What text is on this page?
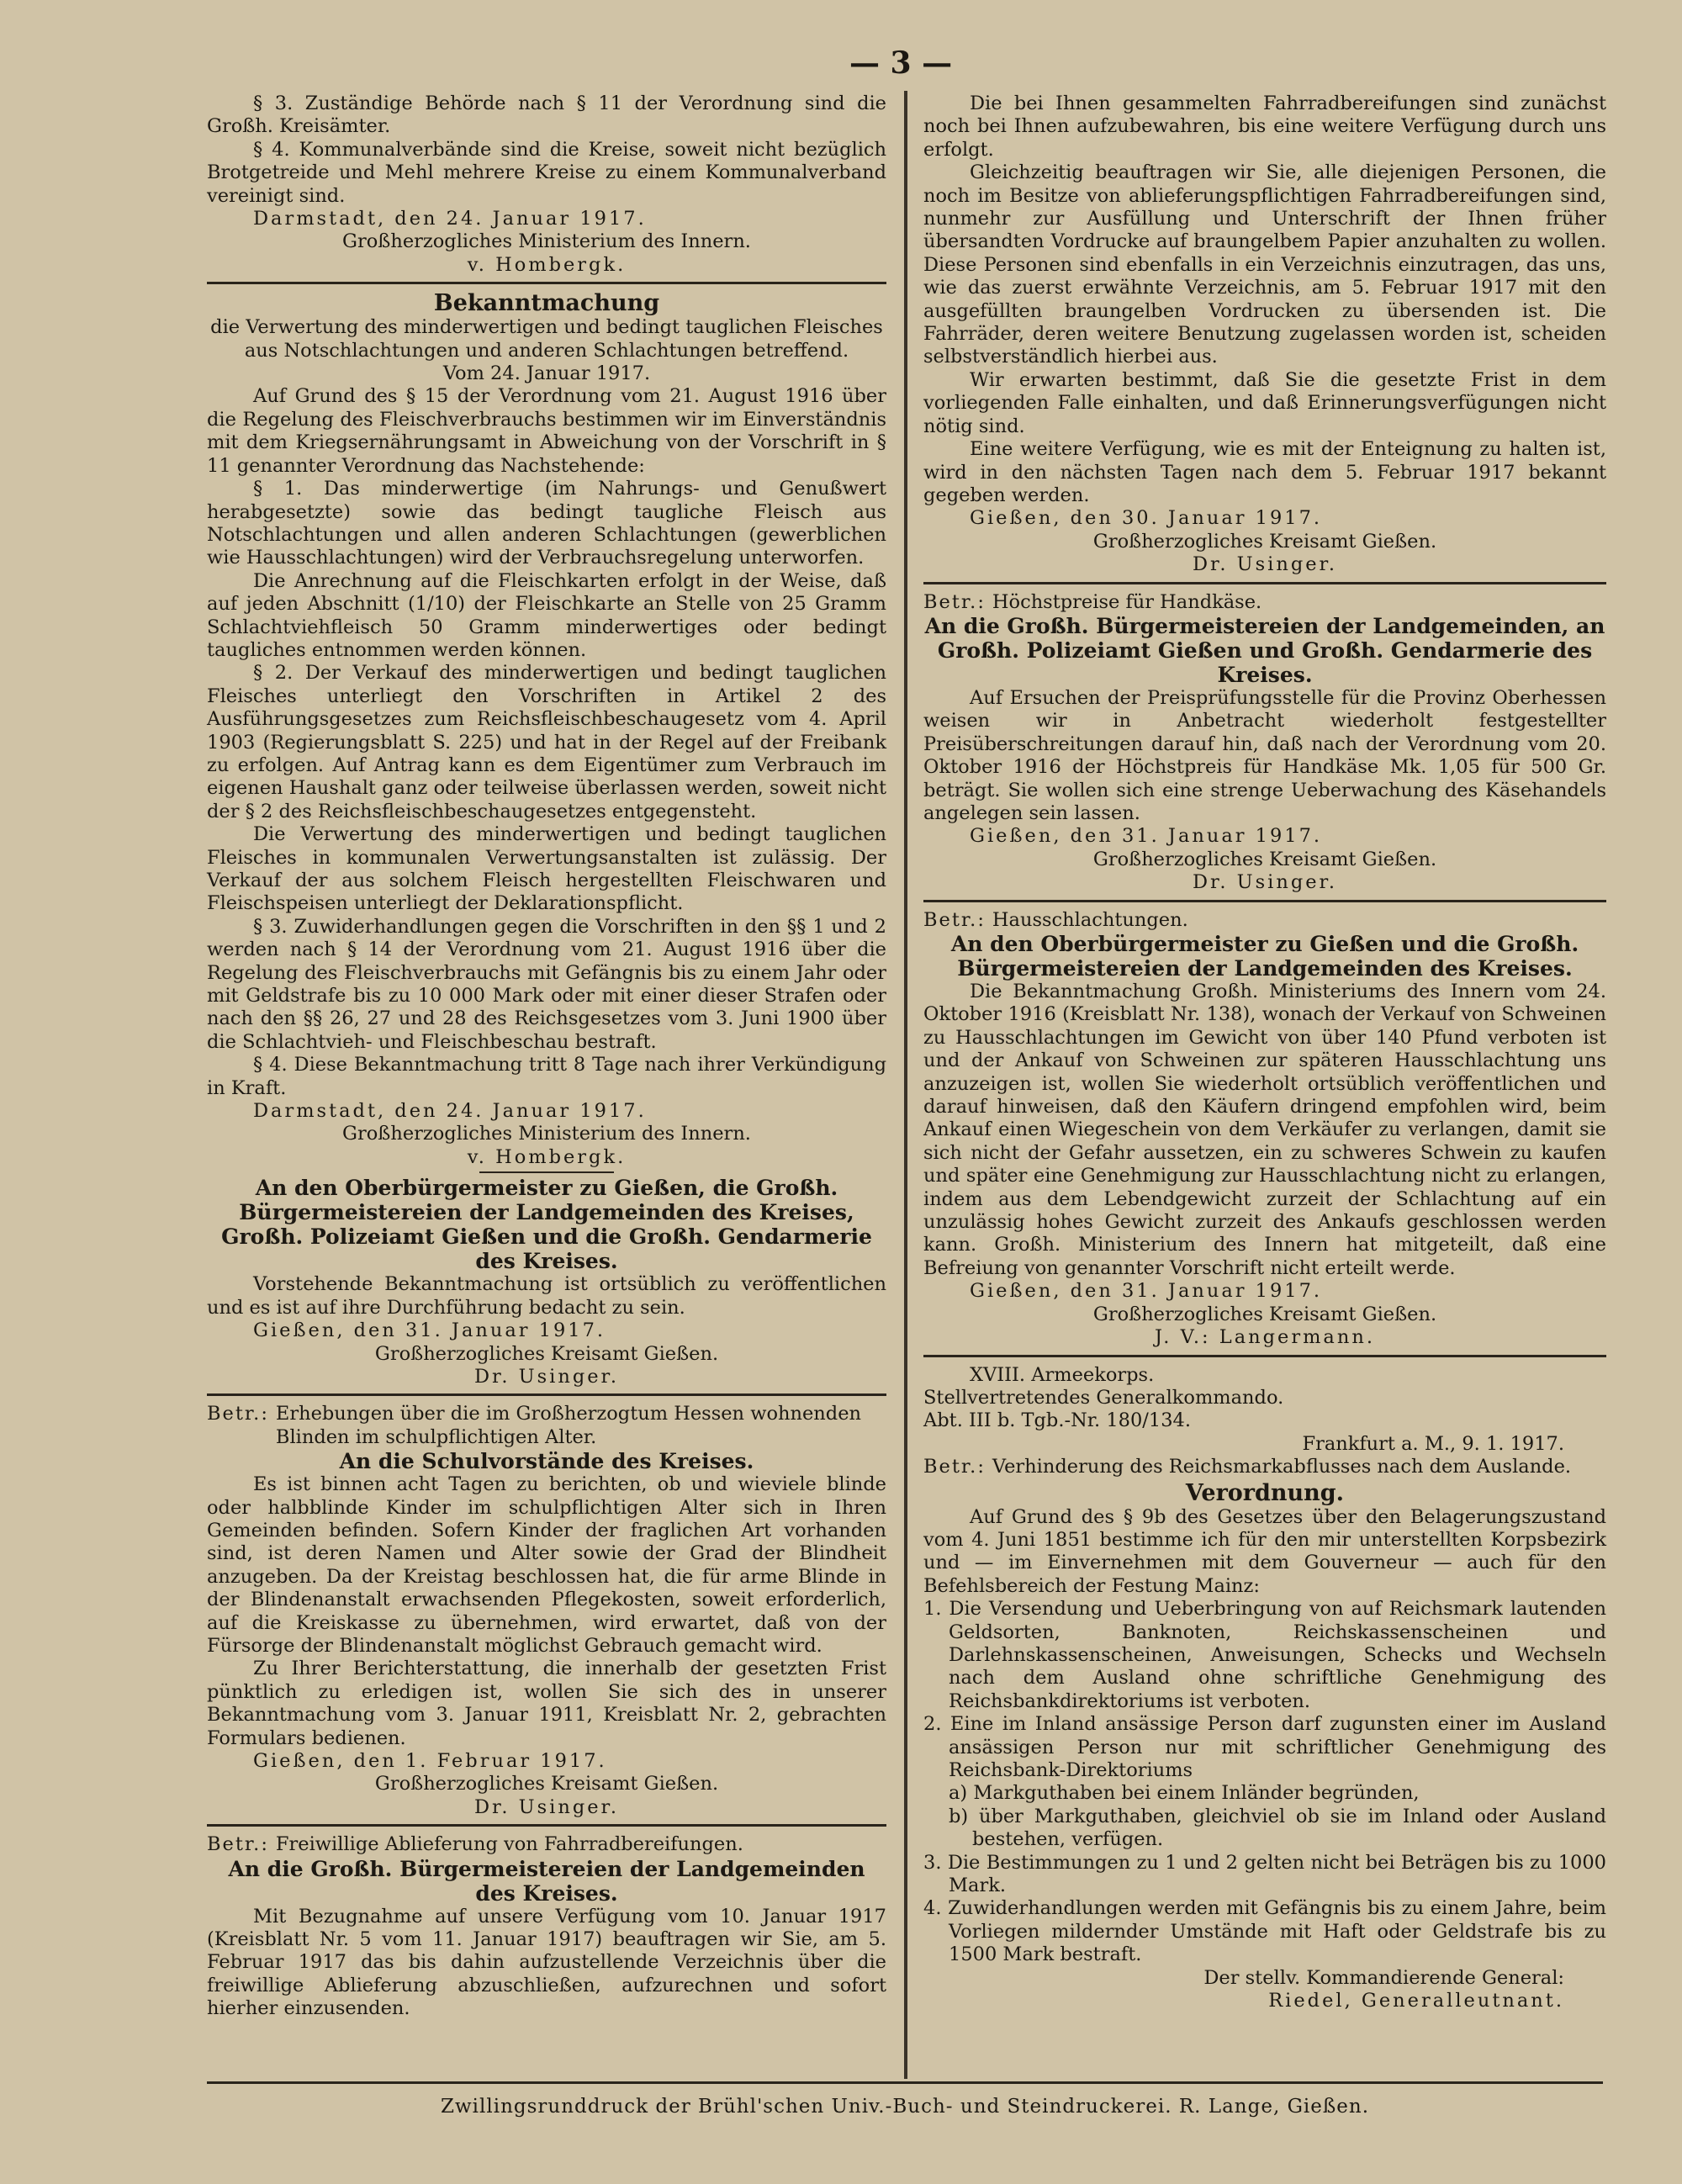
— 3 —

§ 3. Zuständige Behörde nach § 11 der Verordnung sind die Großh. Kreisämter.

§ 4. Kommunalverbände sind die Kreise, soweit nicht bezüglich Brotgetreide und Mehl mehrere Kreise zu einem Kommunalverband vereinigt sind.

Darmstadt, den 24. Januar 1917.

Großherzogliches Ministerium des Innern.

v. Hombergk.

Bekanntmachung

die Verwertung des minderwertigen und bedingt tauglichen Fleisches aus Notschlachtungen und anderen Schlachtungen betreffend.

Vom 24. Januar 1917.

Auf Grund des § 15 der Verordnung vom 21. August 1916 über die Regelung des Fleischverbrauchs bestimmen wir im Einverständnis mit dem Kriegsernährungsamt in Abweichung von der Vorschrift in § 11 genannter Verordnung das Nachstehende:

§ 1. Das minderwertige (im Nahrungs- und Genußwert herabgesetzte) sowie das bedingt taugliche Fleisch aus Notschlachtungen und allen anderen Schlachtungen (gewerblichen wie Hausschlachtungen) wird der Verbrauchsregelung unterworfen.

Die Anrechnung auf die Fleischkarten erfolgt in der Weise, daß auf jeden Abschnitt (1/10) der Fleischkarte an Stelle von 25 Gramm Schlachtviehfleisch 50 Gramm minderwertiges oder bedingt taugliches entnommen werden können.

§ 2. Der Verkauf des minderwertigen und bedingt tauglichen Fleisches unterliegt den Vorschriften in Artikel 2 des Ausführungsgesetzes zum Reichsfleischbeschaugesetz vom 4. April 1903 (Regierungsblatt S. 225) und hat in der Regel auf der Freibank zu erfolgen. Auf Antrag kann es dem Eigentümer zum Verbrauch im eigenen Haushalt ganz oder teilweise überlassen werden, soweit nicht der § 2 des Reichsfleischbeschaugesetzes entgegensteht.

Die Verwertung des minderwertigen und bedingt tauglichen Fleisches in kommunalen Verwertungsanstalten ist zulässig. Der Verkauf der aus solchem Fleisch hergestellten Fleischwaren und Fleischspeisen unterliegt der Deklarationspflicht.

§ 3. Zuwiderhandlungen gegen die Vorschriften in den §§ 1 und 2 werden nach § 14 der Verordnung vom 21. August 1916 über die Regelung des Fleischverbrauchs mit Gefängnis bis zu einem Jahr oder mit Geldstrafe bis zu 10 000 Mark oder mit einer dieser Strafen oder nach den §§ 26, 27 und 28 des Reichsgesetzes vom 3. Juni 1900 über die Schlachtvieh- und Fleischbeschau bestraft.

§ 4. Diese Bekanntmachung tritt 8 Tage nach ihrer Verkündigung in Kraft.

Darmstadt, den 24. Januar 1917.

Großherzogliches Ministerium des Innern.

v. Hombergk.

An den Oberbürgermeister zu Gießen, die Großh. Bürgermeistereien der Landgemeinden des Kreises, Großh. Polizeiamt Gießen und die Großh. Gendarmerie des Kreises.

Vorstehende Bekanntmachung ist ortsüblich zu veröffentlichen und es ist auf ihre Durchführung bedacht zu sein.

Gießen, den 31. Januar 1917.

Großherzogliches Kreisamt Gießen.

Dr. Usinger.

Betr.: Erhebungen über die im Großherzogtum Hessen wohnenden Blinden im schulpflichtigen Alter.
An die Schulvorstände des Kreises.

Es ist binnen acht Tagen zu berichten, ob und wieviele blinde oder halbblinde Kinder im schulpflichtigen Alter sich in Ihren Gemeinden befinden. Sofern Kinder der fraglichen Art vorhanden sind, ist deren Namen und Alter sowie der Grad der Blindheit anzugeben. Da der Kreistag beschlossen hat, die für arme Blinde in der Blindenanstalt erwachsenden Pflegekosten, soweit erforderlich, auf die Kreiskasse zu übernehmen, wird erwartet, daß von der Fürsorge der Blindenanstalt möglichst Gebrauch gemacht wird.

Zu Ihrer Berichterstattung, die innerhalb der gesetzten Frist pünktlich zu erledigen ist, wollen Sie sich des in unserer Bekanntmachung vom 3. Januar 1911, Kreisblatt Nr. 2, gebrachten Formulars bedienen.

Gießen, den 1. Februar 1917.

Großherzogliches Kreisamt Gießen.

Dr. Usinger.

Betr.: Freiwillige Ablieferung von Fahrradbereifungen.
An die Großh. Bürgermeistereien der Landgemeinden des Kreises.

Mit Bezugnahme auf unsere Verfügung vom 10. Januar 1917 (Kreisblatt Nr. 5 vom 11. Januar 1917) beauftragen wir Sie, am 5. Februar 1917 das bis dahin aufzustellende Verzeichnis über die freiwillige Ablieferung abzuschließen, aufzurechnen und sofort hierher einzusenden.

Die bei Ihnen gesammelten Fahrradbereifungen sind zunächst noch bei Ihnen aufzubewahren, bis eine weitere Verfügung durch uns erfolgt.

Gleichzeitig beauftragen wir Sie, alle diejenigen Personen, die noch im Besitze von ablieferungspflichtigen Fahrradbereifungen sind, nunmehr zur Ausfüllung und Unterschrift der Ihnen früher übersandten Vordrucke auf braungelbem Papier anzuhalten zu wollen. Diese Personen sind ebenfalls in ein Verzeichnis einzutragen, das uns, wie das zuerst erwähnte Verzeichnis, am 5. Februar 1917 mit den ausgefüllten braungelben Vordrucken zu übersenden ist. Die Fahrräder, deren weitere Benutzung zugelassen worden ist, scheiden selbstverständlich hierbei aus.

Wir erwarten bestimmt, daß Sie die gesetzte Frist in dem vorliegenden Falle einhalten, und daß Erinnerungsverfügungen nicht nötig sind.

Eine weitere Verfügung, wie es mit der Enteignung zu halten ist, wird in den nächsten Tagen nach dem 5. Februar 1917 bekannt gegeben werden.

Gießen, den 30. Januar 1917.

Großherzogliches Kreisamt Gießen.

Dr. Usinger.

Betr.: Höchstpreise für Handkäse.
An die Großh. Bürgermeistereien der Landgemeinden, an Großh. Polizeiamt Gießen und Großh. Gendarmerie des Kreises.

Auf Ersuchen der Preisprüfungsstelle für die Provinz Oberhessen weisen wir in Anbetracht wiederholt festgestellter Preisüberschreitungen darauf hin, daß nach der Verordnung vom 20. Oktober 1916 der Höchstpreis für Handkäse Mk. 1,05 für 500 Gr. beträgt. Sie wollen sich eine strenge Ueberwachung des Käsehandels angelegen sein lassen.

Gießen, den 31. Januar 1917.

Großherzogliches Kreisamt Gießen.

Dr. Usinger.

Betr.: Hausschlachtungen.
An den Oberbürgermeister zu Gießen und die Großh. Bürgermeistereien der Landgemeinden des Kreises.

Die Bekanntmachung Großh. Ministeriums des Innern vom 24. Oktober 1916 (Kreisblatt Nr. 138), wonach der Verkauf von Schweinen zu Hausschlachtungen im Gewicht von über 140 Pfund verboten ist und der Ankauf von Schweinen zur späteren Hausschlachtung uns anzuzeigen ist, wollen Sie wiederholt ortsüblich veröffentlichen und darauf hinweisen, daß den Käufern dringend empfohlen wird, beim Ankauf einen Wiegeschein von dem Verkäufer zu verlangen, damit sie sich nicht der Gefahr aussetzen, ein zu schweres Schwein zu kaufen und später eine Genehmigung zur Hausschlachtung nicht zu erlangen, indem aus dem Lebendgewicht zurzeit der Schlachtung auf ein unzulässig hohes Gewicht zurzeit des Ankaufs geschlossen werden kann. Großh. Ministerium des Innern hat mitgeteilt, daß eine Befreiung von genannter Vorschrift nicht erteilt werde.

Gießen, den 31. Januar 1917.

Großherzogliches Kreisamt Gießen.

J. V.: Langermann.

XVIII. Armeekorps.

Stellvertretendes Generalkommando.

Abt. III b. Tgb.-Nr. 180/134.

Frankfurt a. M., 9. 1. 1917.

Betr.: Verhinderung des Reichsmarkabflusses nach dem Auslande.
Verordnung.

Auf Grund des § 9b des Gesetzes über den Belagerungszustand vom 4. Juni 1851 bestimme ich für den mir unterstellten Korpsbezirk und — im Einvernehmen mit dem Gouverneur — auch für den Befehlsbereich der Festung Mainz:

1. Die Versendung und Ueberbringung von auf Reichsmark lautenden Geldsorten, Banknoten, Reichskassenscheinen und Darlehnskassenscheinen, Anweisungen, Schecks und Wechseln nach dem Ausland ohne schriftliche Genehmigung des Reichsbankdirektoriums ist verboten.

2. Eine im Inland ansässige Person darf zugunsten einer im Ausland ansässigen Person nur mit schriftlicher Genehmigung des Reichsbank-Direktoriums

a) Markguthaben bei einem Inländer begründen,

b) über Markguthaben, gleichviel ob sie im Inland oder Ausland bestehen, verfügen.

3. Die Bestimmungen zu 1 und 2 gelten nicht bei Beträgen bis zu 1000 Mark.

4. Zuwiderhandlungen werden mit Gefängnis bis zu einem Jahre, beim Vorliegen mildernder Umstände mit Haft oder Geldstrafe bis zu 1500 Mark bestraft.

Der stellv. Kommandierende General:

Riedel, Generalleutnant.

Zwillingsrunddruck der Brühl'schen Univ.-Buch- und Steindruckerei. R. Lange, Gießen.
